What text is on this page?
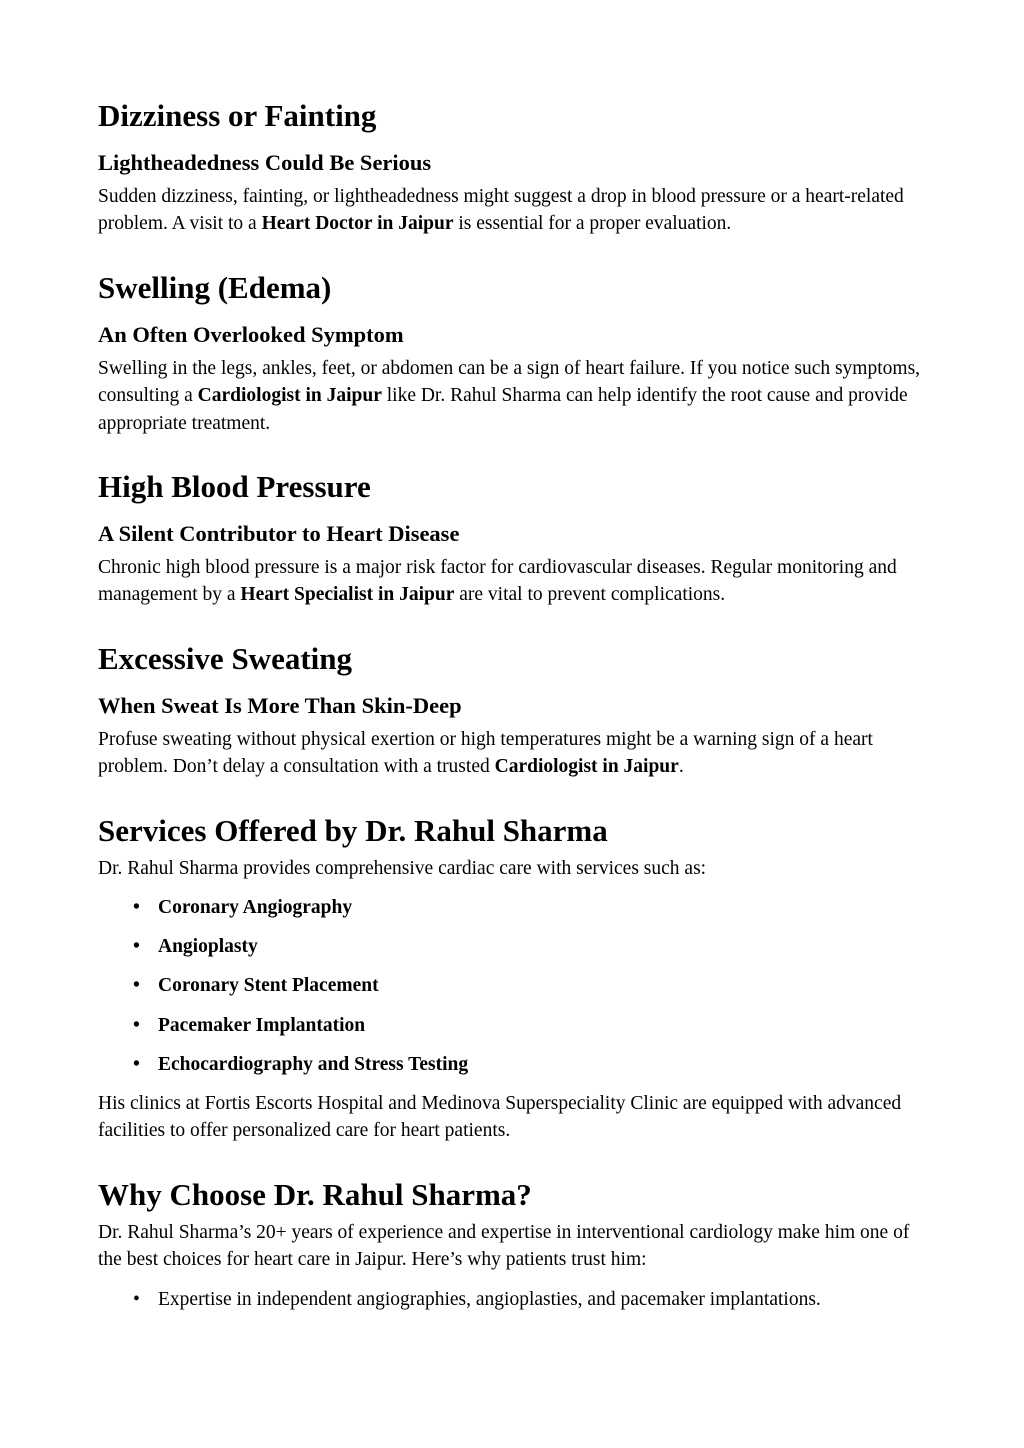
Dizziness or Fainting
Lightheadedness Could Be Serious

Sudden dizziness, fainting, or lightheadedness might suggest a drop in blood pressure or a heart-related problem. A visit to a Heart Doctor in Jaipur is essential for a proper evaluation.

Swelling (Edema)
An Often Overlooked Symptom

Swelling in the legs, ankles, feet, or abdomen can be a sign of heart failure. If you notice such symptoms, consulting a Cardiologist in Jaipur like Dr. Rahul Sharma can help identify the root cause and provide appropriate treatment.

High Blood Pressure
A Silent Contributor to Heart Disease

Chronic high blood pressure is a major risk factor for cardiovascular diseases. Regular monitoring and management by a Heart Specialist in Jaipur are vital to prevent complications.

Excessive Sweating
When Sweat Is More Than Skin-Deep

Profuse sweating without physical exertion or high temperatures might be a warning sign of a heart problem. Don’t delay a consultation with a trusted Cardiologist in Jaipur.

Services Offered by Dr. Rahul Sharma

Dr. Rahul Sharma provides comprehensive cardiac care with services such as:

• Coronary Angiography
• Angioplasty
• Coronary Stent Placement
• Pacemaker Implantation
• Echocardiography and Stress Testing

His clinics at Fortis Escorts Hospital and Medinova Superspeciality Clinic are equipped with advanced facilities to offer personalized care for heart patients.

Why Choose Dr. Rahul Sharma?

Dr. Rahul Sharma’s 20+ years of experience and expertise in interventional cardiology make him one of the best choices for heart care in Jaipur. Here’s why patients trust him:

• Expertise in independent angiographies, angioplasties, and pacemaker implantations.
